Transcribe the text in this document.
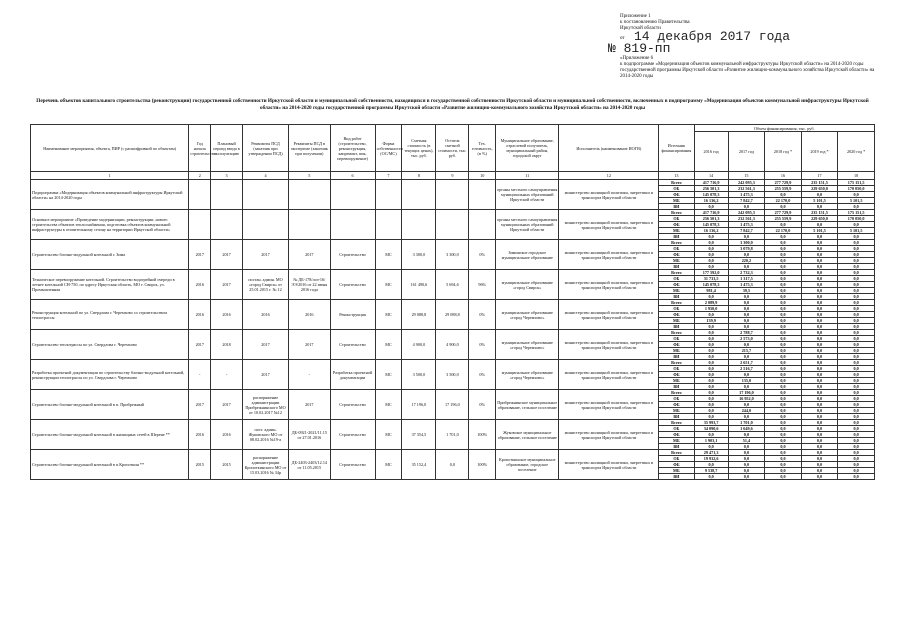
Приложение 1
к постановлению Правительства
Иркутской области
от 14 декабря 2017 года
№ 819-пп
«Приложение 6
к подпрограмме «Модернизация объектов коммунальной инфраструктуры Иркутской области» на 2014-2020 годы государственной программы Иркутской области «Развитие жилищно-коммунального хозяйства Иркутской области» на 2014-2020 годы
Перечень объектов капитального строительства (реконструкции) государственной собственности Иркутской области и муниципальной собственности, находящихся в государственной собственности Иркутской области и муниципальной собственности, включенных в подпрограмму «Модернизация объектов коммунальной инфраструктуры Иркутской области» на 2014-2020 годы государственной программы Иркутской области «Развитие жилищно-коммунального хозяйства Иркутской области» на 2014-2020 годы
Наименование мероприятия, объекта, ПИР (с расшифровкой по объектам)	Год начала строительства	Плановый период ввода в эксплуатацию	Реквизиты ПСД (заказчик при утверждении ПСД)	Реквизиты ПСД в экспертизе (заказчик при получении)	Вид работ (строительство, реконструкция, капремонт, пик, перевооружение)	Форма собственности (ОС/МС)	Сметная стоимость (в текущих ценах), тыс. руб.	Остаток сметной стоимости, тыс. руб.	Тех. готовность, (в %)	Муниципальное образование, отраслевой получатель, муниципальный район, городской округ	Исполнитель (наименование ИОГВ)	Источник финансирования	Объем финансирования, тыс. руб.				
													2016 год	2017 год	2018 год *	2019 год *	2020 год *
1	2	3	4	5	6	7	8	9	10	11	12	13	14	15	16	17	18
Подпрограмма «Модернизация объектов коммунальной инфраструктуры Иркутской области» на 2014-2020 годы										органы местного самоуправления муниципальных образований Иркутской области	министерство жилищной политики, энергетики и транспорта Иркутской области	Всего	417 716,9	242 095,3	277 729,9	235 151,5	175 151,5
												ОБ	256 501,3	232 561,3	255 559,9	229 650,0	170 050,0
												ФБ	145 078,3	1 475,3	0,0	0,0	0,0
												МБ	16 136,2	7 842,7	22 170,0	5 101,5	5 101,5
												ВИ	0,0	0,0	0,0	0,0	0,0
Основное мероприятие «Проведение модернизации, реконструкции, нового строительства объектов теплоснабжения, подготовка объектов коммунальной инфраструктуры к отопительному сезону на территории Иркутской области»										органы местного самоуправления муниципальных образований Иркутской области	министерство жилищной политики, энергетики и транспорта Иркутской области	Всего	417 716,9	242 095,3	277 729,9	235 151,5	175 151,5
												ОБ	256 501,3	232 561,3	255 559,9	229 650,0	170 050,0
												ФБ	145 078,3	1 475,3	0,0	0,0	0,0
												МБ	16 136,2	7 842,7	22 170,0	5 101,5	5 101,5
												ВИ	0,0	0,0	0,0	0,0	0,0
Строительство блочно-модульной котельной г. Зима	2017	2017	2017	2017	Строительство	МС	3 300,0	3 300,0	0%	Зиминское городское муниципальное образование	министерство жилищной политики, энергетики и транспорта Иркутской области	Всего	0,0	3 300,0	0,0	0,0	0,0
												ОБ	0,0	3 079,8	0,0	0,0	0,0
												ФБ	0,0	0,0	0,0	0,0	0,0
												МБ	0,0	220,2	0,0	0,0	0,0
												ВИ	0,0	0,0	0,0	0,0	0,0
Техническое перевооружение котельной. Строительство водогрейной очереди в летнее котельной СН-750, по адресу Иркутская область, МО г. Свирск, ул. Промышленная	2016	2017	постан. админ. МО «город Свирск» от 25.01.2015 г. № 12	№ ДБ-178/лоэ-16/ЭЭ/2016 от 22 июня 2016 года	Строительство	МС	161 490,6	5 694,6	96%	муниципальное образование «город Свирск»	министерство жилищной политики, энергетики и транспорта Иркутской области	Всего	177 592,0	2 732,3	0,0	0,0	0,0
												ОБ	31 733,5	1 317,5	0,0	0,0	0,0
												ФБ	145 078,3	1 475,3	0,0	0,0	0,0
												МБ	981,4	39,5	0,0	0,0	0,0
												ВИ	0,0	0,0	0,0	0,0	0,0
Реконструкция котельной по ул. Свердлова г. Черемхово со строительством теплотрассы	2016	2016	2016	2016	Реконструкция	МС	29 088,8	29 088,8	0%	муниципальное образование «город Черемхово»	министерство жилищной политики, энергетики и транспорта Иркутской области	Всего	2 089,9	0,0	0,0	0,0	0,0
												ОБ	1 950,0	0,0	0,0	0,0	0,0
												ФБ	0,0	0,0	0,0	0,0	0,0
												МБ	139,9	0,0	0,0	0,0	0,0
												ВИ	0,0	0,0	0,0	0,0	0,0
Строительство теплотрассы по ул. Свердлова г. Черемхово	2017	2018	2017	2017	Строительство	МС	4 900,0	4 900,0	0%	муниципальное образование «город Черемхово»	министерство жилищной политики, энергетики и транспорта Иркутской области	Всего	0,0	2 788,7	0,0	0,0	0,0
												ОБ	0,0	2 573,0	0,0	0,0	0,0
												ФБ	0,0	0,0	0,0	0,0	0,0
												МБ	0,0	215,7	0,0	0,0	0,0
												ВИ	0,0	0,0	0,0	0,0	0,0
Разработка проектной документации по строительству блочно-модульной котельной, реконструкции теплотрассы по ул. Свердлова г. Черемхово	-	-	2017	-	Разработка проектной документации	МС	3 500,0	3 500,0	0%	муниципальное образование «город Черемхово»	министерство жилищной политики, энергетики и транспорта Иркутской области	Всего	0,0	2 651,7	0,0	0,0	0,0
												ОБ	0,0	2 516,7	0,0	0,0	0,0
												ФБ	0,0	0,0	0,0	0,0	0,0
												МБ	0,0	135,0	0,0	0,0	0,0
												ВИ	0,0	0,0	0,0	0,0	0,0
Строительство блочно-модульной котельной в п. Прибрежный	2017	2017	распоряжение администрации Прибрежнинского МО от 10.02.2017 №12	2017	Строительство	МС	17 196,0	17 196,0	0%	Прибрежнинское муниципальное образование, сельское поселение	министерство жилищной политики, энергетики и транспорта Иркутской области	Всего	0,0	17 196,0	0,0	0,0	0,0
												ОБ	0,0	16 952,0	0,0	0,0	0,0
												ФБ	0,0	0,0	0,0	0,0	0,0
												МБ	0,0	244,0	0,0	0,0	0,0
												ВИ	0,0	0,0	0,0	0,0	0,0
Строительство блочно-модульной котельной в жилищных сетей в Шерене **	2016	2016	пост. админ. Жуковского МО от 08.02.2016 №19-а	ДБ-0921-2021/11.15 от 27.01.2016	Строительство	МС	37 354,5	1 701,0	100%	Жуковское муниципальное образование, сельское поселение	министерство жилищной политики, энергетики и транспорта Иркутской области	Всего	35 993,7	1 701,0	0,0	0,0	0,0
												ОБ	34 090,6	1 649,6	0,0	0,0	0,0
												ФБ	0,0	0,0	0,0	0,0	0,0
												МБ	1 903,1	51,4	0,0	0,0	0,0
												ВИ	0,0	0,0	0,0	0,0	0,0
Строительство блочно-модульной котельной в п.Кропоткин **	2015	2015	распоряжение администрации Кропоткинского МО от 15.03.2016 № 34р	ДБ-2403-2403/12.14 от 11.05.2015	Строительство	МС	35 152,4	0,0	100%	Кропоткинское муниципальное образование, городское поселение	министерство жилищной политики, энергетики и транспорта Иркутской области	Всего	29 471,3	0,0	0,0	0,0	0,0
												ОБ	19 932,6	0,0	0,0	0,0	0,0
												ФБ	0,0	0,0	0,0	0,0	0,0
												МБ	9 538,7	0,0	0,0	0,0	0,0
												ВИ	0,0	0,0	0,0	0,0	0,0
